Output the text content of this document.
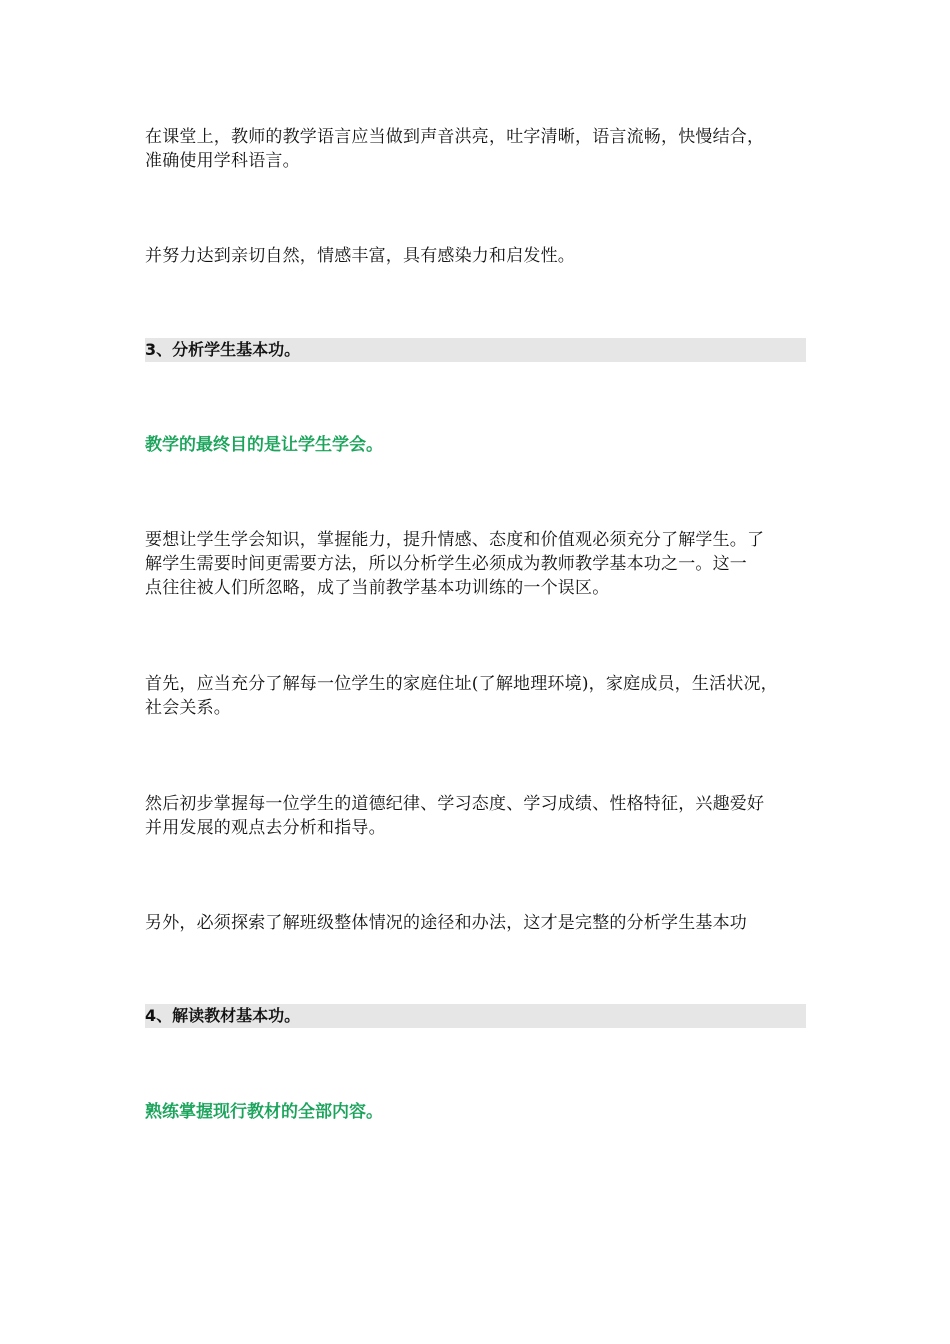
在课堂上，教师的教学语言应当做到声音洪亮，吐字清晰，语言流畅，快慢结合，
准确使用学科语言。
并努力达到亲切自然，情感丰富，具有感染力和启发性。
3、分析学生基本功。
教学的最终目的是让学生学会。
要想让学生学会知识，掌握能力，提升情感、态度和价值观必须充分了解学生。了
解学生需要时间更需要方法，所以分析学生必须成为教师教学基本功之一。这一
点往往被人们所忽略，成了当前教学基本功训练的一个误区。
首先，应当充分了解每一位学生的家庭住址(了解地理环境)，家庭成员，生活状况，
社会关系。
然后初步掌握每一位学生的道德纪律、学习态度、学习成绩、性格特征，兴趣爱好
并用发展的观点去分析和指导。
另外，必须探索了解班级整体情况的途径和办法，这才是完整的分析学生基本功
4、解读教材基本功。
熟练掌握现行教材的全部内容。
